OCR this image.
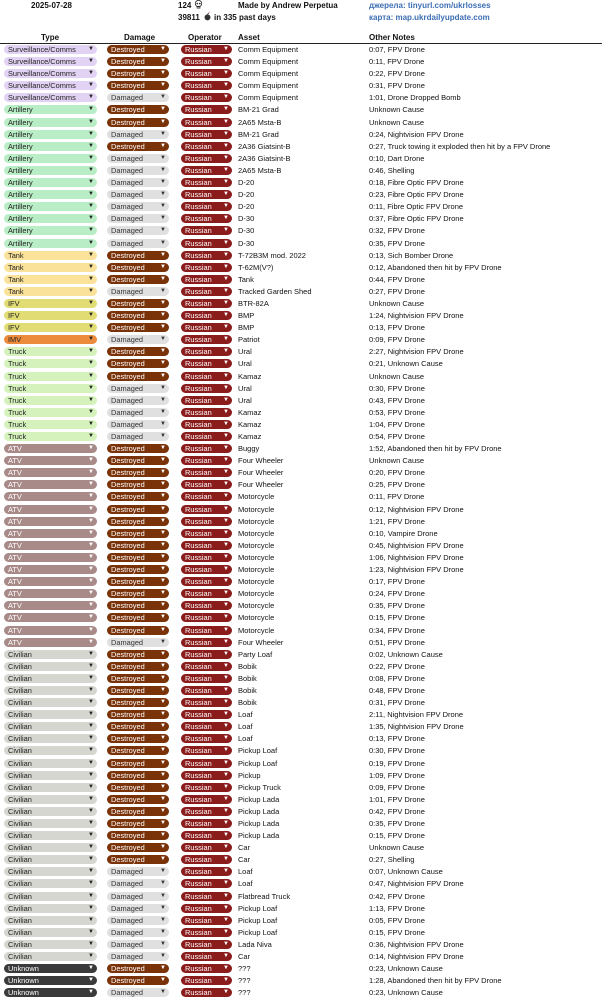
2025-07-28	124
39811 in 335 past days
Made by Andrew Perpetua	джерела: tinyurl.com/ukrlosses
карта: map.ukrdailyupdate.com
Type	Damage	Operator Asset	Other Notes
Surveillance/Comms ▼	Destroyed	▼	Russian ▼ Comm Equipment	0:07, FPV Drone
Surveillance/Comms ▼	Destroyed	▼	Russian ▼ Comm Equipment	0:11, FPV Drone
Surveillance/Comms ▼	Destroyed	▼	Russian ▼ Comm Equipment	0:22, FPV Drone
Surveillance/Comms ▼	Destroyed	▼	Russian ▼ Comm Equipment	0:31, FPV Drone
Surveillance/Comms ▼	Damaged	▼	Russian ▼ Comm Equipment	1:01, Drone Dropped Bomb
Artillery	▼	Destroyed	▼	Russian ▼ BM-21 Grad	Unknown Cause
Artillery	▼	Destroyed	▼	Russian ▼ 2A65 Msta-B	Unknown Cause
Artillery	▼	Damaged	▼	Russian ▼ BM-21 Grad	0:24, Nightvision FPV Drone
Artillery	▼	Destroyed	▼	Russian ▼ 2A36 Giatsint-B	0:27, Truck towing it exploded then hit by a FPV Drone
Artillery	▼	Damaged	▼	Russian ▼ 2A36 Giatsint-B	0:10, Dart Drone
Artillery	▼	Damaged	▼	Russian ▼ 2A65 Msta-B	0:46, Shelling
Artillery	▼	Damaged	▼	Russian ▼ D-20	0:18, Fibre Optic FPV Drone
Artillery	▼	Damaged	▼	Russian ▼ D-20	0:23, Fibre Optic FPV Drone
Artillery	▼	Damaged	▼	Russian ▼ D-20	0:11, Fibre Optic FPV Drone
Artillery	▼	Damaged	▼	Russian ▼ D-30	0:37, Fibre Optic FPV Drone
Artillery	▼	Damaged	▼	Russian ▼ D-30	0:32, FPV Drone
Artillery	▼	Damaged	▼	Russian ▼ D-30	0:35, FPV Drone
Tank	▼	Destroyed	▼	Russian ▼ T-72B3M mod. 2022	0:13, Sich Bomber Drone
Tank	▼	Destroyed	▼	Russian ▼ T-62M(V?)	0:12, Abandoned then hit by FPV Drone
Tank	▼	Destroyed	▼	Russian ▼ Tank	0:44, FPV Drone
Tank	▼	Damaged	▼	Russian ▼ Tracked Garden Shed	0:27, FPV Drone
IFV	▼	Destroyed	▼	Russian ▼ BTR-82A	Unknown Cause
IFV	▼	Destroyed	▼	Russian ▼ BMP	1:24, Nightvision FPV Drone
IFV	▼	Destroyed	▼	Russian ▼ BMP	0:13, FPV Drone
IMV	▼	Damaged	▼	Russian ▼ Patriot	0:09, FPV Drone
Truck	▼	Destroyed	▼	Russian ▼ Ural	2:27, Nightvision FPV Drone
Truck	▼	Destroyed	▼	Russian ▼ Ural	0:21, Unknown Cause
Truck	▼	Destroyed	▼	Russian ▼ Kamaz	Unknown Cause
Truck	▼	Damaged	▼	Russian ▼ Ural	0:30, FPV Drone
Truck	▼	Damaged	▼	Russian ▼ Ural	0:43, FPV Drone
Truck	▼	Damaged	▼	Russian ▼ Kamaz	0:53, FPV Drone
Truck	▼	Damaged	▼	Russian ▼ Kamaz	1:04, FPV Drone
Truck	▼	Damaged	▼	Russian ▼ Kamaz	0:54, FPV Drone
ATV	▼	Destroyed	▼	Russian ▼ Buggy	1:52, Abandoned then hit by FPV Drone
ATV	▼	Destroyed	▼	Russian ▼ Four Wheeler	Unknown Cause
ATV	▼	Destroyed	▼	Russian ▼ Four Wheeler	0:20, FPV Drone
ATV	▼	Destroyed	▼	Russian ▼ Four Wheeler	0:25, FPV Drone
ATV	▼	Destroyed	▼	Russian ▼ Motorcycle	0:11, FPV Drone
ATV	▼	Destroyed	▼	Russian ▼ Motorcycle	0:12, Nightvision FPV Drone
ATV	▼	Destroyed	▼	Russian ▼ Motorcycle	1:21, FPV Drone
ATV	▼	Destroyed	▼	Russian ▼ Motorcycle	0:10, Vampire Drone
ATV	▼	Destroyed	▼	Russian ▼ Motorcycle	0:45, Nightvision FPV Drone
ATV	▼	Destroyed	▼	Russian ▼ Motorcycle	1:06, Nightvision FPV Drone
ATV	▼	Destroyed	▼	Russian ▼ Motorcycle	1:23, Nightvision FPV Drone
ATV	▼	Destroyed	▼	Russian ▼ Motorcycle	0:17, FPV Drone
ATV	▼	Destroyed	▼	Russian ▼ Motorcycle	0:24, FPV Drone
ATV	▼	Destroyed	▼	Russian ▼ Motorcycle	0:35, FPV Drone
ATV	▼	Destroyed	▼	Russian ▼ Motorcycle	0:15, FPV Drone
ATV	▼	Destroyed	▼	Russian ▼ Motorcycle	0:34, FPV Drone
ATV	▼	Damaged	▼	Russian ▼ Four Wheeler	0:51, FPV Drone
Civilian	▼	Destroyed	▼	Russian ▼ Party Loaf	0:02, Unknown Cause
Civilian	▼	Destroyed	▼	Russian ▼ Bobik	0:22, FPV Drone
Civilian	▼	Destroyed	▼	Russian ▼ Bobik	0:08, FPV Drone
Civilian	▼	Destroyed	▼	Russian ▼ Bobik	0:48, FPV Drone
Civilian	▼	Destroyed	▼	Russian ▼ Bobik	0:31, FPV Drone
Civilian	▼	Destroyed	▼	Russian ▼ Loaf	2:11, Nightvision FPV Drone
Civilian	▼	Destroyed	▼	Russian ▼ Loaf	1:35, Nightvision FPV Drone
Civilian	▼	Destroyed	▼	Russian ▼ Loaf	0:13, FPV Drone
Civilian	▼	Destroyed	▼	Russian ▼ Pickup Loaf	0:30, FPV Drone
Civilian	▼	Destroyed	▼	Russian ▼ Pickup Loaf	0:19, FPV Drone
Civilian	▼	Destroyed	▼	Russian ▼ Pickup	1:09, FPV Drone
Civilian	▼	Destroyed	▼	Russian ▼ Pickup Truck	0:09, FPV Drone
Civilian	▼	Destroyed	▼	Russian ▼ Pickup Lada	1:01, FPV Drone
Civilian	▼	Destroyed	▼	Russian ▼ Pickup Lada	0:42, FPV Drone
Civilian	▼	Destroyed	▼	Russian ▼ Pickup Lada	0:35, FPV Drone
Civilian	▼	Destroyed	▼	Russian ▼ Pickup Lada	0:15, FPV Drone
Civilian	▼	Destroyed	▼	Russian ▼ Car	Unknown Cause
Civilian	▼	Destroyed	▼	Russian ▼ Car	0:27, Shelling
Civilian	▼	Damaged	▼	Russian ▼ Loaf	0:07, Unknown Cause
Civilian	▼	Damaged	▼	Russian ▼ Loaf	0:47, Nightvision FPV Drone
Civilian	▼	Damaged	▼	Russian ▼ Flatbread Truck	0:42, FPV Drone
Civilian	▼	Damaged	▼	Russian ▼ Pickup Loaf	1:13, FPV Drone
Civilian	▼	Damaged	▼	Russian ▼ Pickup Loaf	0:05, FPV Drone
Civilian	▼	Damaged	▼	Russian ▼ Pickup Loaf	0:15, FPV Drone
Civilian	▼	Damaged	▼	Russian ▼ Lada Niva	0:36, Nightvision FPV Drone
Civilian	▼	Damaged	▼	Russian ▼ Car	0:14, Nightvision FPV Drone
Unknown	▼	Destroyed	▼	Russian ▼ ???	0:23, Unknown Cause
Unknown	▼	Destroyed	▼	Russian ▼ ???	1:28, Abandoned then hit by FPV Drone
Unknown	▼	Damaged	▼	Russian ▼ ???	0:23, Unknown Cause
